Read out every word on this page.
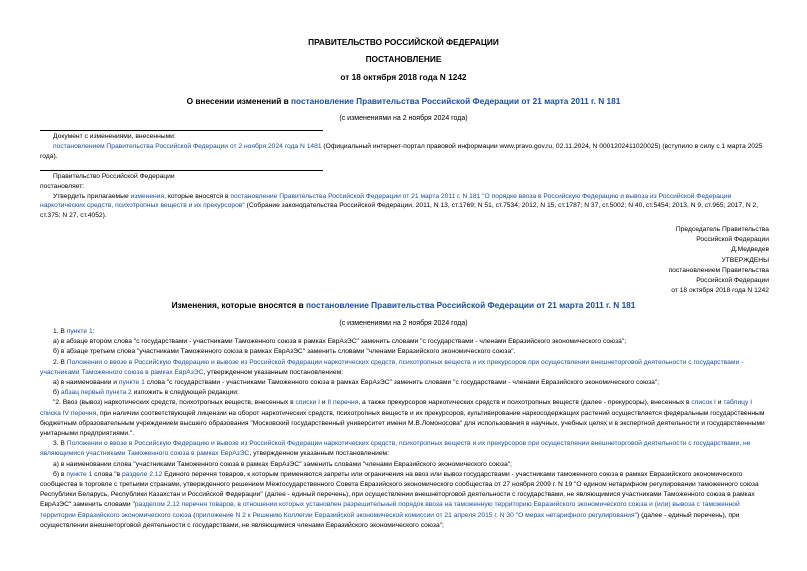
ПРАВИТЕЛЬСТВО РОССИЙСКОЙ ФЕДЕРАЦИИ
ПОСТАНОВЛЕНИЕ
от 18 октября 2018 года N 1242
О внесении изменений в постановление Правительства Российской Федерации от 21 марта 2011 г. N 181
(с изменениями на 2 ноября 2024 года)
Документ с изменениями, внесенными:
постановлением Правительства Российской Федерации от 2 ноября 2024 года N 1481 (Официальный интернет-портал правовой информации www.pravo.gov.ru, 02.11.2024, N 0001202411020025) (вступило в силу с 1 марта 2025 года).
Правительство Российской Федерации
постановляет:
Утвердить прилагаемые изменения, которые вносятся в постановление Правительства Российской Федерации от 21 марта 2011 г. N 181 "О порядке ввоза в Российскую Федерацию и вывоза из Российской Федерации наркотических средств, психотропных веществ и их прекурсоров" (Собрание законодательства Российской Федерации, 2011, N 13, ст.1769; N 51, ст.7534; 2012, N 15, ст.1787; N 37, ст.5002; N 40, ст.5454; 2013, N 9, ст.965; 2017, N 2, ст.375; N 27, ст.4052).
Председатель Правительства
Российской Федерации
Д.Медведев
УТВЕРЖДЕНЫ
постановлением Правительства
Российской Федерации
от 18 октября 2018 года N 1242
Изменения, которые вносятся в постановление Правительства Российской Федерации от 21 марта 2011 г. N 181
(с изменениями на 2 ноября 2024 года)
1. В пункте 1:
а) в абзаце втором слова "с государствами - участниками Таможенного союза в рамках ЕврАзЭС" заменить словами "с государствами - членами Евразийского экономического союза";
б) в абзаце третьем слова "участниками Таможенного союза в рамках ЕврАзЭС" заменить словами "членами Евразийского экономического союза".
2. В Положении о ввозе в Российскую Федерацию и вывозе из Российской Федерации наркотических средств, психотропных веществ и их прекурсоров при осуществлении внешнеторговой деятельности с государствами - участниками Таможенного союза в рамках ЕврАзЭС, утвержденном указанным постановлением:
а) в наименовании и пункте 1 слова "с государствами - участниками Таможенного союза в рамках ЕврАзЭС" заменить словами "с государствами - членами Евразийского экономического союза";
б) абзац первый пункта 2 изложить в следующей редакции:
"2. Ввоз (вывоз) наркотических средств, психотропных веществ, внесенных в списки I и II перечня, а также прекурсоров наркотических средств и психотропных веществ (далее - прекурсоры), внесенных в список I и таблицу I списка IV перечня, при наличии соответствующей лицензии на оборот наркотических средств, психотропных веществ и их прекурсоров, культивирование наркосодержащих растений осуществляется федеральным государственным бюджетным образовательным учреждением высшего образования "Московский государственный университет имени М.В.Ломоносова" для использования в научных, учебных целях и в экспертной деятельности и государственными унитарными предприятиями.".
3. В Положении о ввозе в Российскую Федерацию и вывозе из Российской Федерации наркотических средств, психотропных веществ и их прекурсоров при осуществлении внешнеторговой деятельности с государствами, не являющимися участниками Таможенного союза в рамках ЕврАзЭС, утвержденном указанным постановлением:
а) в наименовании слова "участниками Таможенного союза в рамках ЕврАзЭС" заменить словами "членами Евразийского экономического союза";
б) в пункте 1 слова "в разделе 2.12 Единого перечня товаров, к которым применяются запреты или ограничения на ввоз или вывоз государствами - участниками таможенного союза в рамках Евразийского экономического сообщества в торговле с третьими странами, утвержденного решением Межгосударственного Совета Евразийского экономического сообщества от 27 ноября 2009 г. N 19 "О едином нетарифном регулировании таможенного союза Республики Беларусь, Республики Казахстан и Российской Федерации" (далее - единый перечень), при осуществлении внешнеторговой деятельности с государствами, не являющимися участниками Таможенного союза в рамках ЕврАзЭС" заменить словами "разделом 2.12 перечня товаров, в отношении которых установлен разрешительный порядок ввоза на таможенную территорию Евразийского экономического союза и (или) вывоза с таможенной территории Евразийского экономического союза (приложение N 2 к Решению Коллегии Евразийской экономической комиссии от 21 апреля 2015 г. N 30 "О мерах нетарифного регулирования") (далее - единый перечень), при осуществлении внешнеторговой деятельности с государствами, не являющимися членами Евразийского экономического союза";
